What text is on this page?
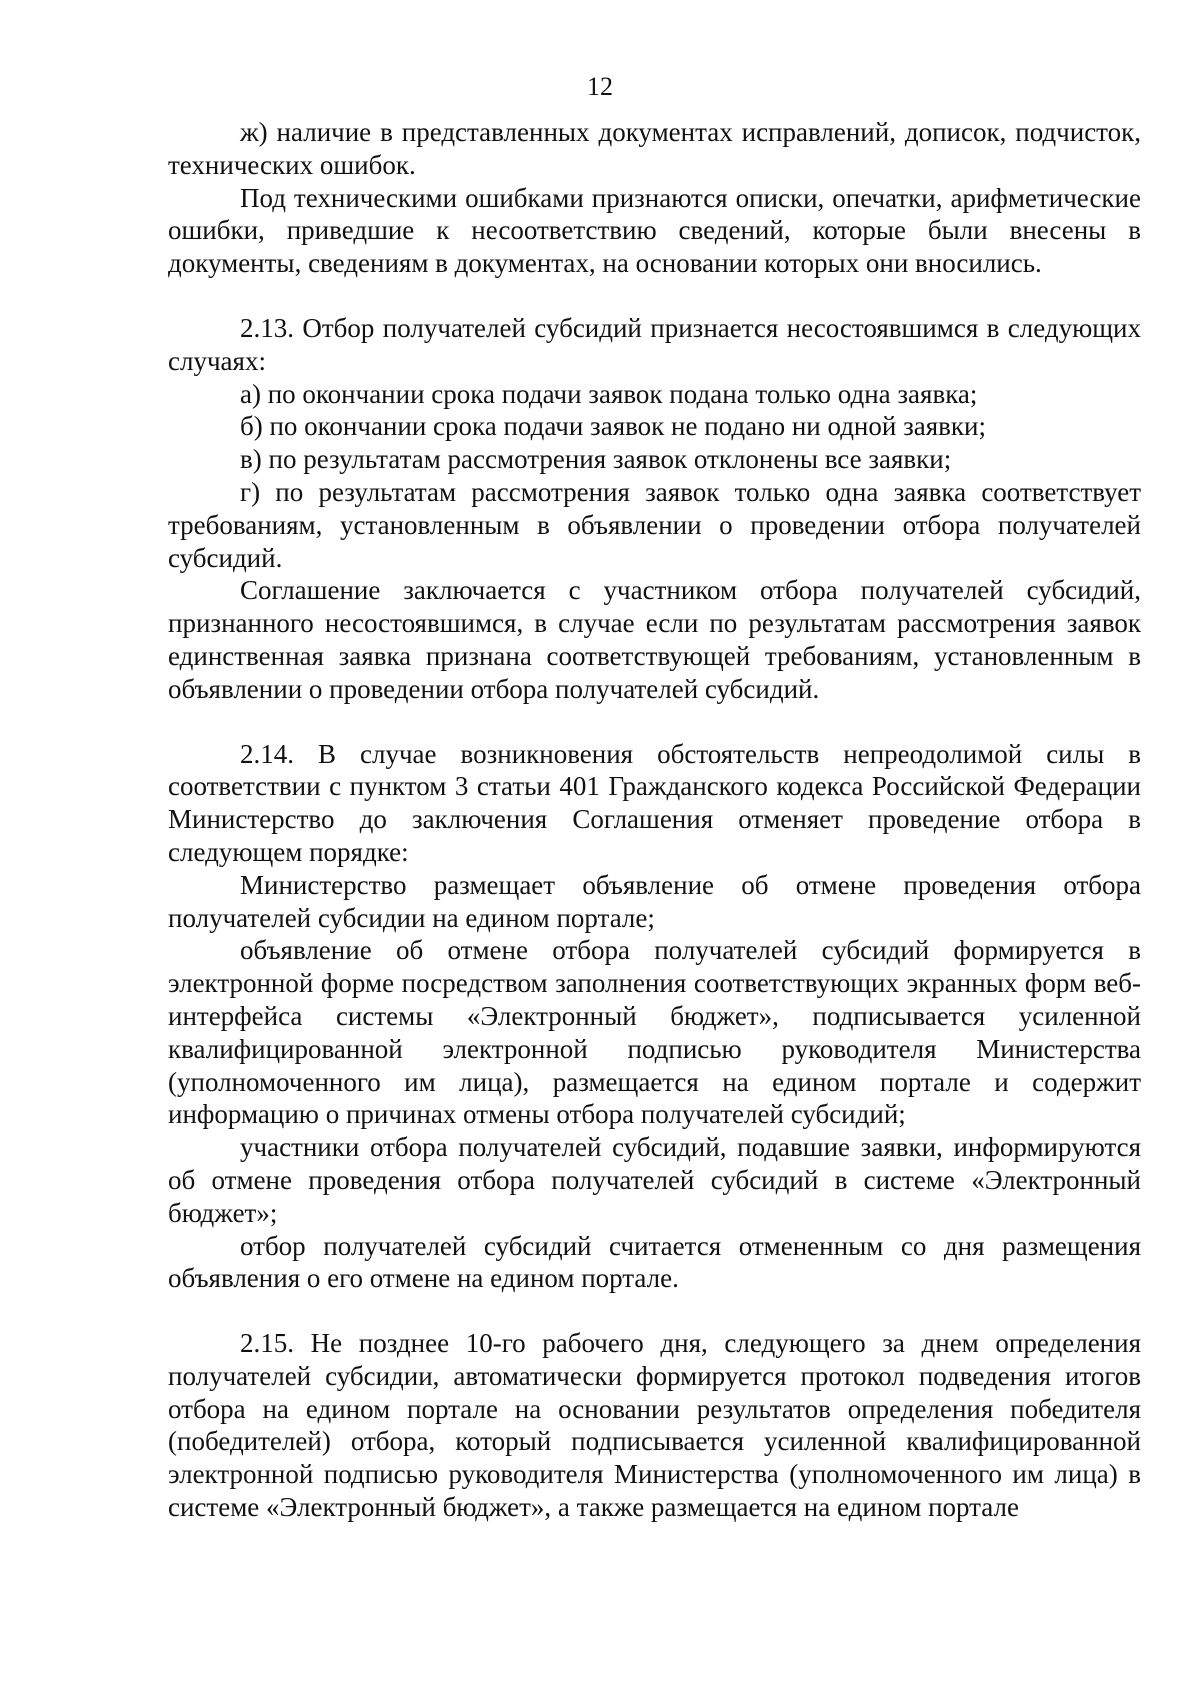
12

ж) наличие в представленных документах исправлений, дописок, подчисток, технических ошибок.

Под техническими ошибками признаются описки, опечатки, арифметические ошибки, приведшие к несоответствию сведений, которые были внесены в документы, сведениям в документах, на основании которых они вносились.

2.13. Отбор получателей субсидий признается несостоявшимся в следующих случаях:

а) по окончании срока подачи заявок подана только одна заявка;

б) по окончании срока подачи заявок не подано ни одной заявки;

в) по результатам рассмотрения заявок отклонены все заявки;

г) по результатам рассмотрения заявок только одна заявка соответствует требованиям, установленным в объявлении о проведении отбора получателей субсидий.

Соглашение заключается с участником отбора получателей субсидий, признанного несостоявшимся, в случае если по результатам рассмотрения заявок единственная заявка признана соответствующей требованиям, установленным в объявлении о проведении отбора получателей субсидий.

2.14. В случае возникновения обстоятельств непреодолимой силы в соответствии с пунктом 3 статьи 401 Гражданского кодекса Российской Федерации Министерство до заключения Соглашения отменяет проведение отбора в следующем порядке:

Министерство размещает объявление об отмене проведения отбора получателей субсидии на едином портале;

объявление об отмене отбора получателей субсидий формируется в электронной форме посредством заполнения соответствующих экранных форм веб-интерфейса системы «Электронный бюджет», подписывается усиленной квалифицированной электронной подписью руководителя Министерства (уполномоченного им лица), размещается на едином портале и содержит информацию о причинах отмены отбора получателей субсидий;

участники отбора получателей субсидий, подавшие заявки, информируются об отмене проведения отбора получателей субсидий в системе «Электронный бюджет»;

отбор получателей субсидий считается отмененным со дня размещения объявления о его отмене на едином портале.

2.15. Не позднее 10-го рабочего дня, следующего за днем определения получателей субсидии, автоматически формируется протокол подведения итогов отбора на едином портале на основании результатов определения победителя (победителей) отбора, который подписывается усиленной квалифицированной электронной подписью руководителя Министерства (уполномоченного им лица) в системе «Электронный бюджет», а также размещается на едином портале
